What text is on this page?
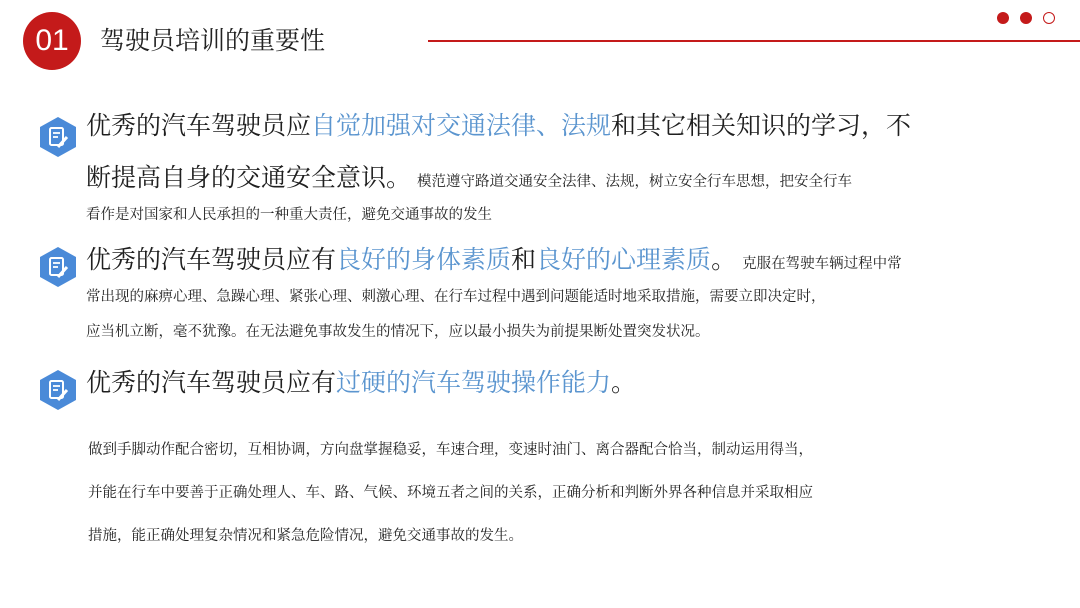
01	驾驶员培训的重要性
优秀的汽车驾驶员应自觉加强对交通法律、法规和其它相关知识的学习，不
断提高自身的交通安全意识。 模范遵守路道交通安全法律、法规，树立安全行车思想，把安全行车
看作是对国家和人民承担的一种重大责任，避免交通事故的发生
优秀的汽车驾驶员应有良好的身体素质和良好的心理素质。 克服在驾驶车辆过程中常
常出现的麻痹心理、急躁心理、紧张心理、刺激心理、在行车过程中遇到问题能适时地采取措施，需要立即决定时，
应当机立断，毫不犹豫。在无法避免事故发生的情况下，应以最小损失为前提果断处置突发状况。
优秀的汽车驾驶员应有过硬的汽车驾驶操作能力。
做到手脚动作配合密切，互相协调，方向盘掌握稳妥，车速合理，变速时油门、离合器配合恰当，制动运用得当，
并能在行车中要善于正确处理人、车、路、气候、环境五者之间的关系，正确分析和判断外界各种信息并采取相应
措施，能正确处理复杂情况和紧急危险情况，避免交通事故的发生。
